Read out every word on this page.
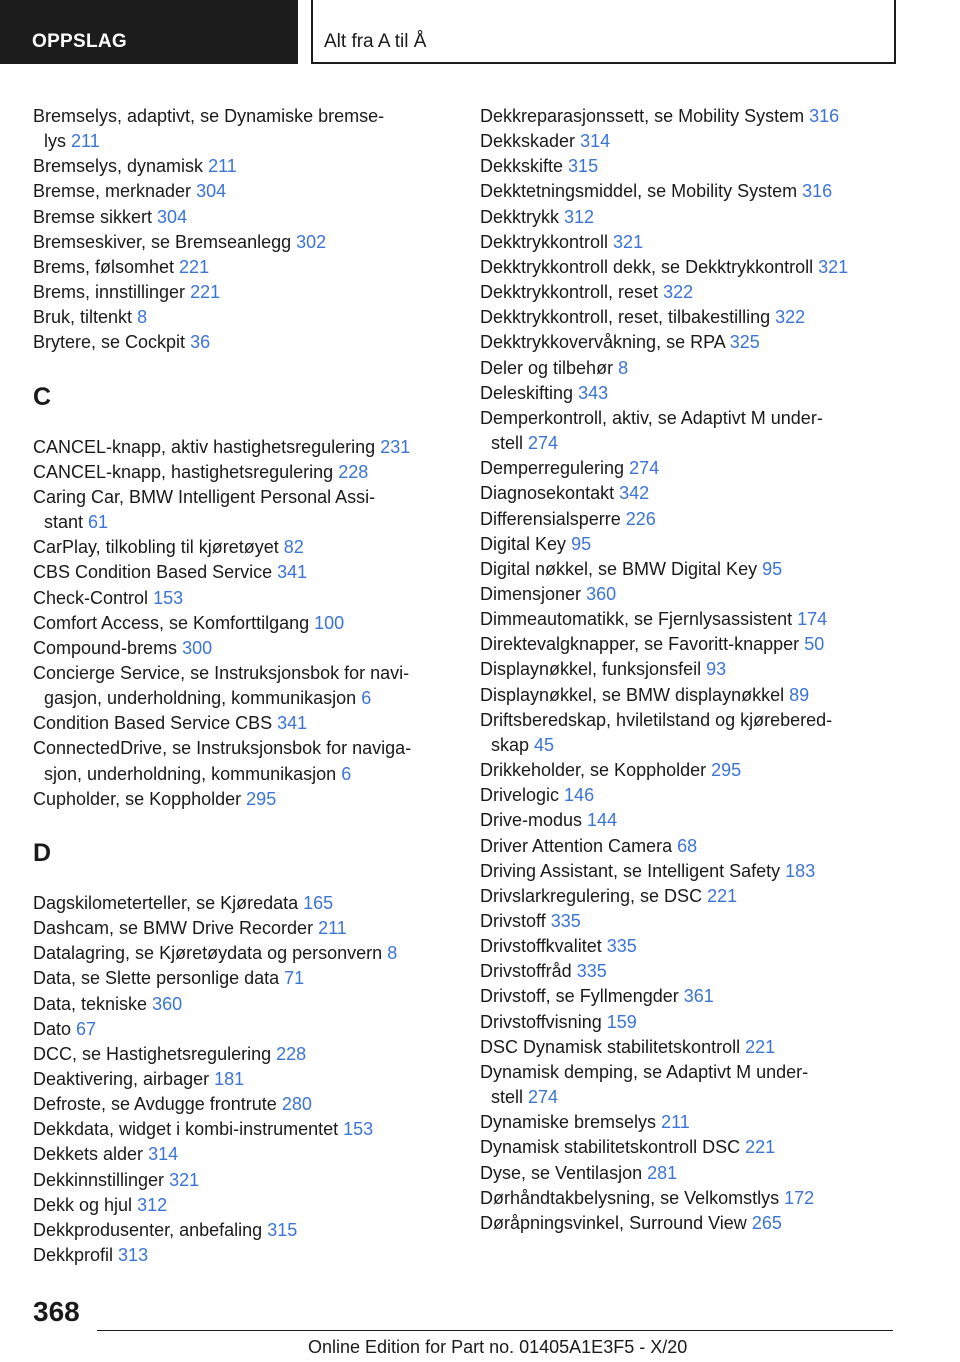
OPPSLAG	Alt fra A til Å
Bremselys, adaptivt, se Dynamiske bremse-
lys 211
Bremselys, dynamisk 211
Bremse, merknader 304
Bremse sikkert 304
Bremseskiver, se Bremseanlegg 302
Brems, følsomhet 221
Brems, innstillinger 221
Bruk, tiltenkt 8
Brytere, se Cockpit 36
C
CANCEL-knapp, aktiv hastighetsregulering 231
CANCEL-knapp, hastighetsregulering 228
Caring Car, BMW Intelligent Personal Assi-
stant 61
CarPlay, tilkobling til kjøretøyet 82
CBS Condition Based Service 341
Check-Control 153
Comfort Access, se Komforttilgang 100
Compound-brems 300
Concierge Service, se Instruksjonsbok for navi-
gasjon, underholdning, kommunikasjon 6
Condition Based Service CBS 341
ConnectedDrive, se Instruksjonsbok for naviga-
sjon, underholdning, kommunikasjon 6
Cupholder, se Koppholder 295
D
Dagskilometerteller, se Kjøredata 165
Dashcam, se BMW Drive Recorder 211
Datalagring, se Kjøretøydata og personvern 8
Data, se Slette personlige data 71
Data, tekniske 360
Dato 67
DCC, se Hastighetsregulering 228
Deaktivering, airbager 181
Defroste, se Avdugge frontrute 280
Dekkdata, widget i kombi-instrumentet 153
Dekkets alder 314
Dekkinnstillinger 321
Dekk og hjul 312
Dekkprodusenter, anbefaling 315
Dekkprofil 313
Dekkreparasjonssett, se Mobility System 316
Dekkskader 314
Dekkskifte 315
Dekktetningsmiddel, se Mobility System 316
Dekktrykk 312
Dekktrykkontroll 321
Dekktrykkontroll dekk, se Dekktrykkontroll 321
Dekktrykkontroll, reset 322
Dekktrykkontroll, reset, tilbakestilling 322
Dekktrykkovervåkning, se RPA 325
Deler og tilbehør 8
Deleskifting 343
Demperkontroll, aktiv, se Adaptivt M under-
stell 274
Demperregulering 274
Diagnosekontakt 342
Differensialsperre 226
Digital Key 95
Digital nøkkel, se BMW Digital Key 95
Dimensjoner 360
Dimmeautomatikk, se Fjernlysassistent 174
Direktevalgknapper, se Favoritt-knapper 50
Displaynøkkel, funksjonsfeil 93
Displaynøkkel, se BMW displaynøkkel 89
Driftsberedskap, hviletilstand og kjørebered-
skap 45
Drikkeholder, se Koppholder 295
Drivelogic 146
Drive-modus 144
Driver Attention Camera 68
Driving Assistant, se Intelligent Safety 183
Drivslarkregulering, se DSC 221
Drivstoff 335
Drivstoffkvalitet 335
Drivstoffråd 335
Drivstoff, se Fyllmengder 361
Drivstoffvisning 159
DSC Dynamisk stabilitetskontroll 221
Dynamisk demping, se Adaptivt M under-
stell 274
Dynamiske bremselys 211
Dynamisk stabilitetskontroll DSC 221
Dyse, se Ventilasjon 281
Dørhåndtakbelysning, se Velkomstlys 172
Døråpningsvinkel, Surround View 265
368
Online Edition for Part no. 01405A1E3F5 - X/20
